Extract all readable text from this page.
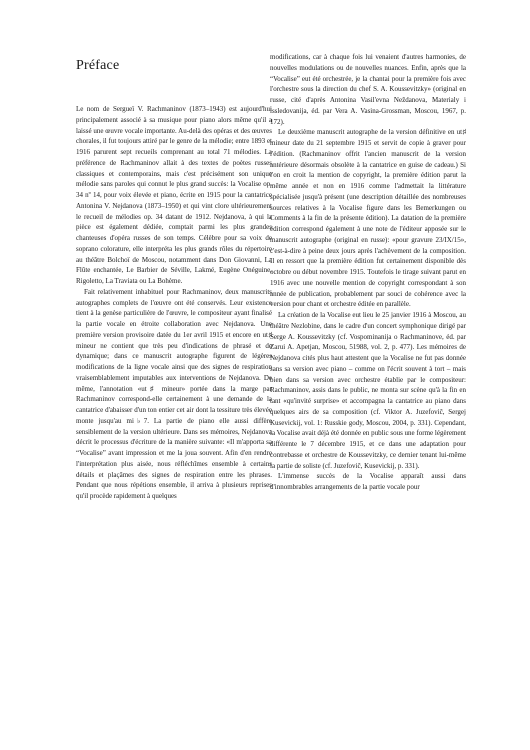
Préface

Le nom de Sergueï V. Rachmaninov (1873–1943) est aujourd'hui principalement associé à sa musique pour piano alors même qu'il a laissé une œuvre vocale importante. Au-delà des opéras et des œuvres chorales, il fut toujours attiré par le genre de la mélodie; entre 1893 et 1916 parurent sept recueils comprenant au total 71 mélodies. La préférence de Rachmaninov allait à des textes de poètes russes classiques et contemporains, mais c'est précisément son unique mélodie sans paroles qui connut le plus grand succès: la Vocalise op. 34 nº 14, pour voix élevée et piano, écrite en 1915 pour la cantatrice Antonina V. Nejdanova (1873–1950) et qui vint clore ultérieurement le recueil de mélodies op. 34 datant de 1912. Nejdanova, à qui la pièce est également dédiée, comptait parmi les plus grandes chanteuses d'opéra russes de son temps. Célèbre pour sa voix de soprano colorature, elle interpréta les plus grands rôles du répertoire au théâtre Bolchoï de Moscou, notamment dans Don Giovanni, La Flûte enchantée, Le Barbier de Séville, Lakmé, Eugène Onéguine, Rigoletto, La Traviata ou La Bohème.

Fait relativement inhabituel pour Rachmaninov, deux manuscrits autographes complets de l'œuvre ont été conservés. Leur existence tient à la genèse particulière de l'œuvre, le compositeur ayant finalisé la partie vocale en étroite collaboration avec Nejdanova. Une première version provisoire datée du 1er avril 1915 et encore en ut♯ mineur ne contient que très peu d'indications de phrasé et de dynamique; dans ce manuscrit autographe figurent de légères modifications de la ligne vocale ainsi que des signes de respiration vraisemblablement imputables aux interventions de Nejdanova. De même, l'annotation «ut♯ mineur» portée dans la marge par Rachmaninov correspond-elle certainement à une demande de la cantatrice d'abaisser d'un ton entier cet air dont la tessiture très élevée monte jusqu'au mi♭7. La partie de piano elle aussi diffère sensiblement de la version ultérieure. Dans ses mémoires, Nejdanova décrit le processus d'écriture de la manière suivante: «Il m'apporta sa “Vocalise” avant impression et me la joua souvent. Afin d'en rendre l'interprétation plus aisée, nous réfléchîmes ensemble à certains détails et plaçâmes des signes de respiration entre les phrases. Pendant que nous répétions ensemble, il arriva à plusieurs reprises qu'il procède rapidement à quelques

modifications, car à chaque fois lui venaient d'autres harmonies, de nouvelles modulations ou de nouvelles nuances. Enfin, après que la “Vocalise” eut été orchestrée, je la chantai pour la première fois avec l'orchestre sous la direction du chef S. A. Koussevitzky» (original en russe, cité d'après Antonina Vasil'evna Neždanova, Materialy i issledovanija, éd. par Vera A. Vasina-Grossman, Moscou, 1967, p. 172).

Le deuxième manuscrit autographe de la version définitive en ut♯ mineur date du 21 septembre 1915 et servit de copie à graver pour l'édition. (Rachmaninov offrit l'ancien manuscrit de la version antérieure désormais obsolète à la cantatrice en guise de cadeau.) Si l'on en croit la mention de copyright, la première édition parut la même année et non en 1916 comme l'admettait la littérature spécialisée jusqu'à présent (une description détaillée des nombreuses sources relatives à la Vocalise figure dans les Bemerkungen ou Comments à la fin de la présente édition). La datation de la première édition correspond également à une note de l'éditeur apposée sur le manuscrit autographe (original en russe): «pour gravure 23/IX/15», c'est-à-dire à peine deux jours après l'achèvement de la composition. Il en ressort que la première édition fut certainement disponible dès octobre ou début novembre 1915. Toutefois le tirage suivant parut en 1916 avec une nouvelle mention de copyright correspondant à son année de publication, probablement par souci de cohérence avec la version pour chant et orchestre éditée en parallèle.

La création de la Vocalise eut lieu le 25 janvier 1916 à Moscou, au théâtre Nezlobine, dans le cadre d'un concert symphonique dirigé par Serge A. Koussevitzky (cf. Vospominanija o Rachmaninove, éd. par Zarui A. Apetjan, Moscou, 51988, vol. 2, p. 477). Les mémoires de Nejdanova cités plus haut attestent que la Vocalise ne fut pas donnée sans sa version avec piano – comme on l'écrit souvent à tort – mais bien dans sa version avec orchestre établie par le compositeur: Rachmaninov, assis dans le public, ne monta sur scène qu'à la fin en tant «qu'invité surprise» et accompagna la cantatrice au piano dans quelques airs de sa composition (cf. Viktor A. Juzefovič, Sergej Kusevickij, vol. 1: Russkie gody, Moscou, 2004, p. 331). Cependant, la Vocalise avait déjà été donnée en public sous une forme légèrement différente le 7 décembre 1915, et ce dans une adaptation pour contrebasse et orchestre de Koussevitzky, ce dernier tenant lui-même la partie de soliste (cf. Juzefovič, Kusevickij, p. 331).

L'immense succès de la Vocalise apparaît aussi dans d'innombrables arrangements de la partie vocale pour
